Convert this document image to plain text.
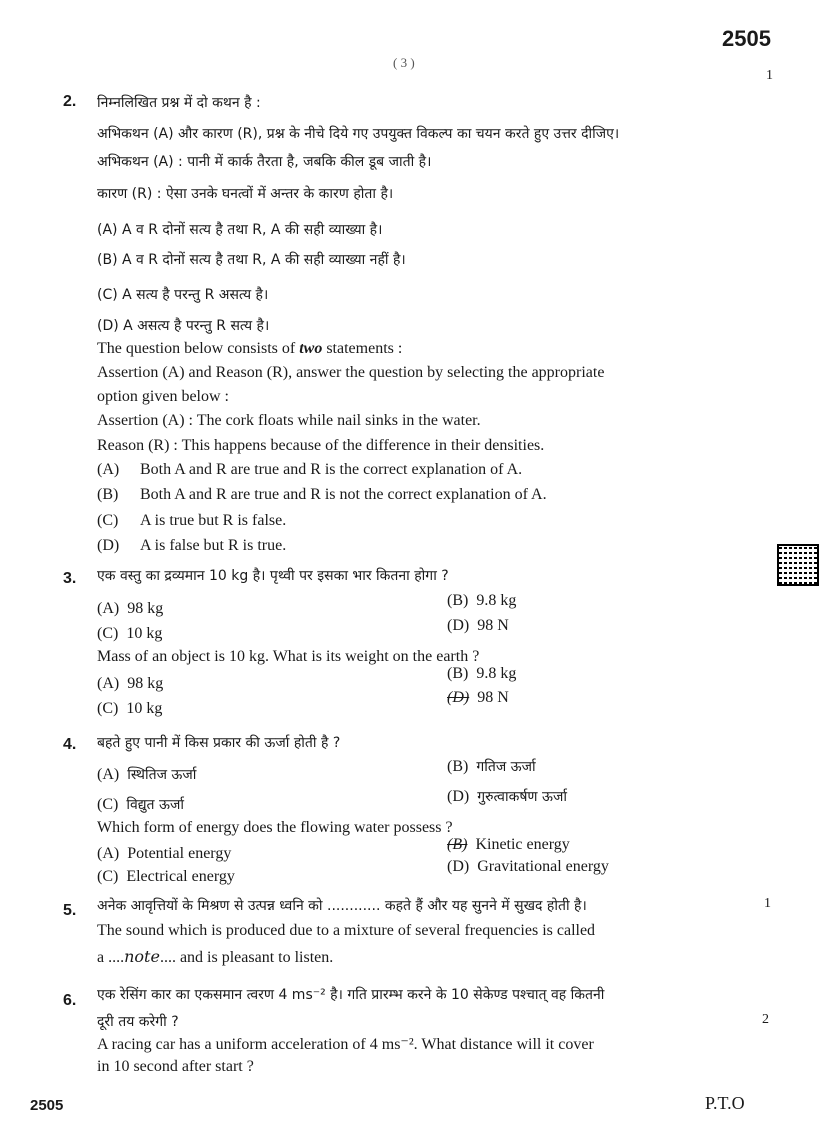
2505
( 3 )
1
2. निम्नलिखित प्रश्न में दो कथन है :
अभिकथन (A) और कारण (R), प्रश्न के नीचे दिये गए उपयुक्त विकल्प का चयन करते हुए उत्तर दीजिए।
अभिकथन (A) : पानी में कार्क तैरता है, जबकि कील डूब जाती है।
कारण (R) : ऐसा उनके घनत्वों में अन्तर के कारण होता है।
(A) A व R दोनों सत्य है तथा R, A की सही व्याख्या है।
(B) A व R दोनों सत्य है तथा R, A की सही व्याख्या नहीं है।
(C) A सत्य है परन्तु R असत्य है।
(D) A असत्य है परन्तु R सत्य है।
The question below consists of two statements :
Assertion (A) and Reason (R), answer the question by selecting the appropriate
option given below :
Assertion (A) : The cork floats while nail sinks in the water.
Reason (R) : This happens because of the difference in their densities.
(A) Both A and R are true and R is the correct explanation of A.
(B) Both A and R are true and R is not the correct explanation of A.
(C) A is true but R is false.
(D) A is false but R is true.
3. एक वस्तु का द्रव्यमान 10 kg है। पृथ्वी पर इसका भार कितना होगा ?
(A) 98 kg	(B) 9.8 kg
(C) 10 kg	(D) 98 N
Mass of an object is 10 kg. What is its weight on the earth ?
(A) 98 kg
(B) 9.8 kg
(C) 10 kg
(D) 98 N
4. बहते हुए पानी में किस प्रकार की ऊर्जा होती है ?
(A) स्थितिज ऊर्जा	(B) गतिज ऊर्जा
(C) विद्युत ऊर्जा	(D) गुरुत्वाकर्षण ऊर्जा
Which form of energy does the flowing water possess ?
(A) Potential energy
(B) Kinetic energy
(C) Electrical energy
(D) Gravitational energy
5. अनेक आवृत्तियों के मिश्रण से उत्पन्न ध्वनि को ............ कहते हैं और यह सुनने में सुखद होती है।	1
The sound which is produced due to a mixture of several frequencies is called
a ....note.... and is pleasant to listen.
6. एक रेसिंग कार का एकसमान त्वरण 4 ms⁻² है। गति प्रारम्भ करने के 10 सेकेण्ड पश्चात् वह कितनी
दूरी तय करेगी ?	2
A racing car has a uniform acceleration of 4 ms⁻². What distance will it cover
in 10 second after start ?
2505	P.T.O
